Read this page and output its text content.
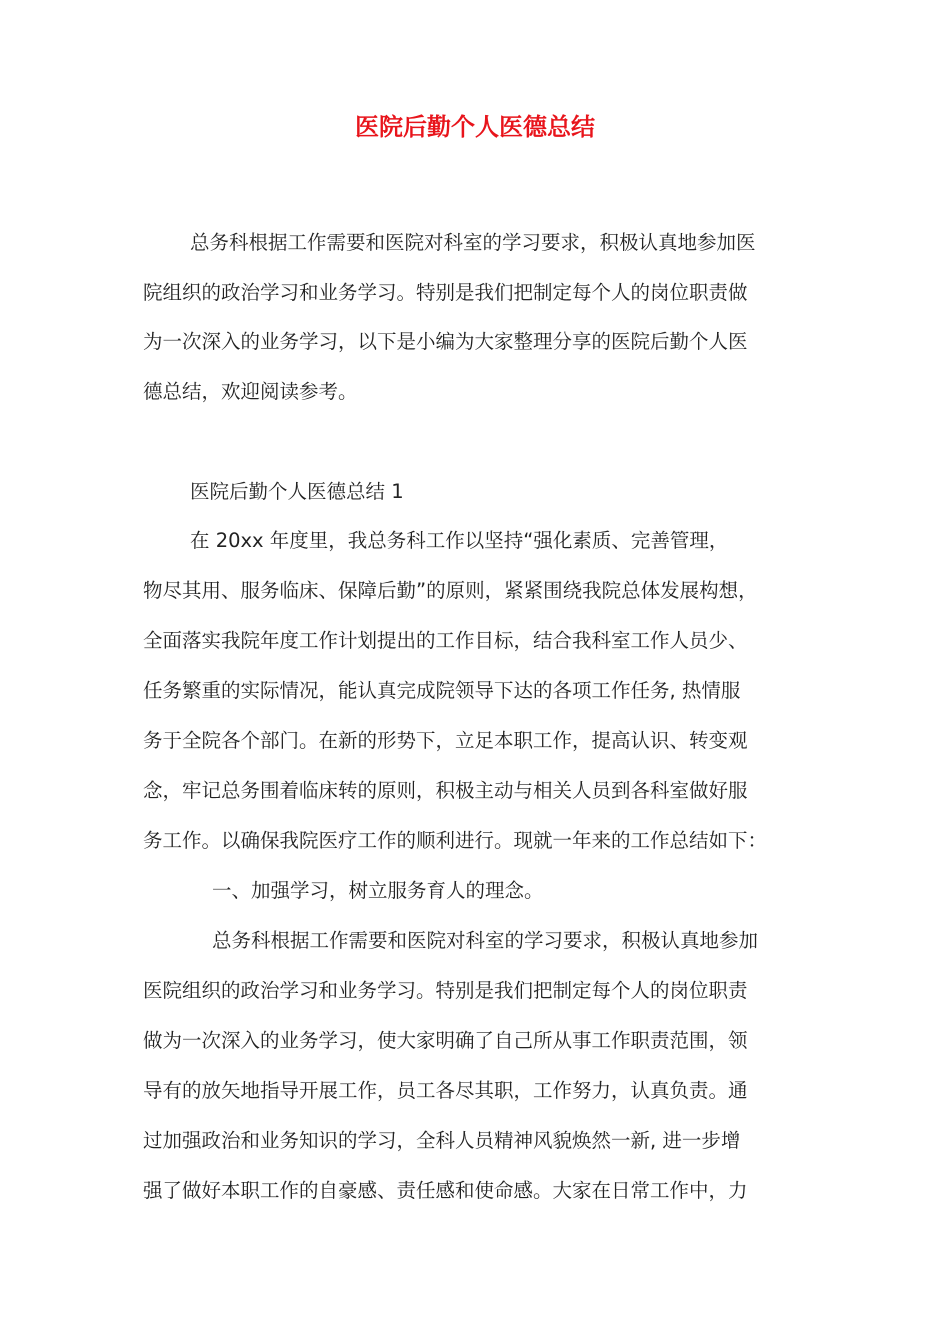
医院后勤个人医德总结
总务科根据工作需要和医院对科室的学习要求，积极认真地参加医
院组织的政治学习和业务学习。特别是我们把制定每个人的岗位职责做
为一次深入的业务学习，以下是小编为大家整理分享的医院后勤个人医
德总结，欢迎阅读参考。
医院后勤个人医德总结 1
在 20xx 年度里，我总务科工作以坚持“强化素质、完善管理，
物尽其用、服务临床、保障后勤”的原则，紧紧围绕我院总体发展构想，
全面落实我院年度工作计划提出的工作目标，结合我科室工作人员少、
任务繁重的实际情况，能认真完成院领导下达的各项工作任务, 热情服
务于全院各个部门。在新的形势下，立足本职工作，提高认识、转变观
念，牢记总务围着临床转的原则，积极主动与相关人员到各科室做好服
务工作。以确保我院医疗工作的顺利进行。现就一年来的工作总结如下：
一、加强学习，树立服务育人的理念。
总务科根据工作需要和医院对科室的学习要求，积极认真地参加
医院组织的政治学习和业务学习。特别是我们把制定每个人的岗位职责
做为一次深入的业务学习，使大家明确了自己所从事工作职责范围，领
导有的放矢地指导开展工作，员工各尽其职，工作努力，认真负责。通
过加强政治和业务知识的学习，全科人员精神风貌焕然一新, 进一步增
强了做好本职工作的自豪感、责任感和使命感。大家在日常工作中，力
